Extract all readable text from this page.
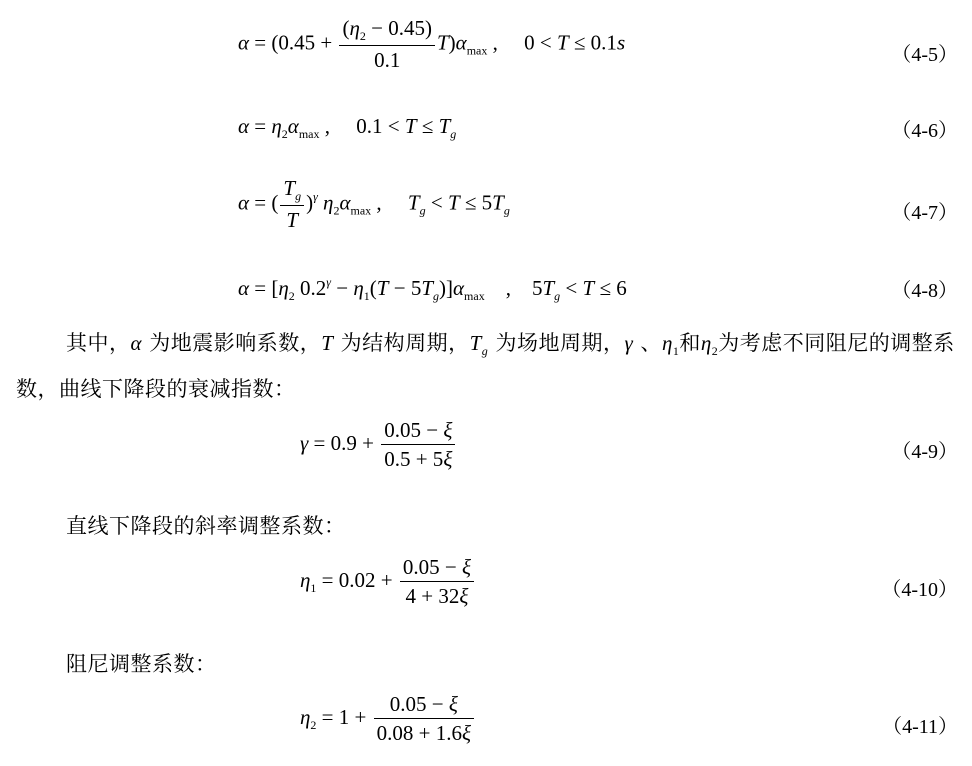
$\alpha = (0.45 + \frac{(\eta_2 - 0.45)}{0.1} T)\alpha_{max}$ ,     0 < T ≤ 0.1s
（4-5）
$\alpha = \eta_2\alpha_{max}$ ,     $0.1 < T \le T_g$	（4-6）
α = ( $\frac{T_g}{T} )^\gamma$ $\eta_2\alpha_{max}$ ,     $T_g < T \le 5T_g$	（4-7）
$\alpha = [\eta_2$ $0.2^\gamma - \eta_1(T - 5T_g)]\alpha_{max}$    ,    $5T_g < T \le 6$	（4-8）
其中，α 为地震影响系数，T 为结构周期，$T_g$ 为场地周期，γ 、$\eta_1$和$\eta_2$为考虑不同阻尼的调整系数，曲线下降段的衰减指数：
$\gamma = 0.9 + \frac{0.05 - \xi}{0.5 + 5\xi}$	（4-9）
直线下降段的斜率调整系数：
$\eta_1 = 0.02 + \frac{0.05 - \xi}{4 + 32\xi}$	（4-10）
阻尼调整系数：
$\eta_2 = 1 + \frac{0.05 - \xi}{0.08 + 1.6\xi}$	（4-11）
